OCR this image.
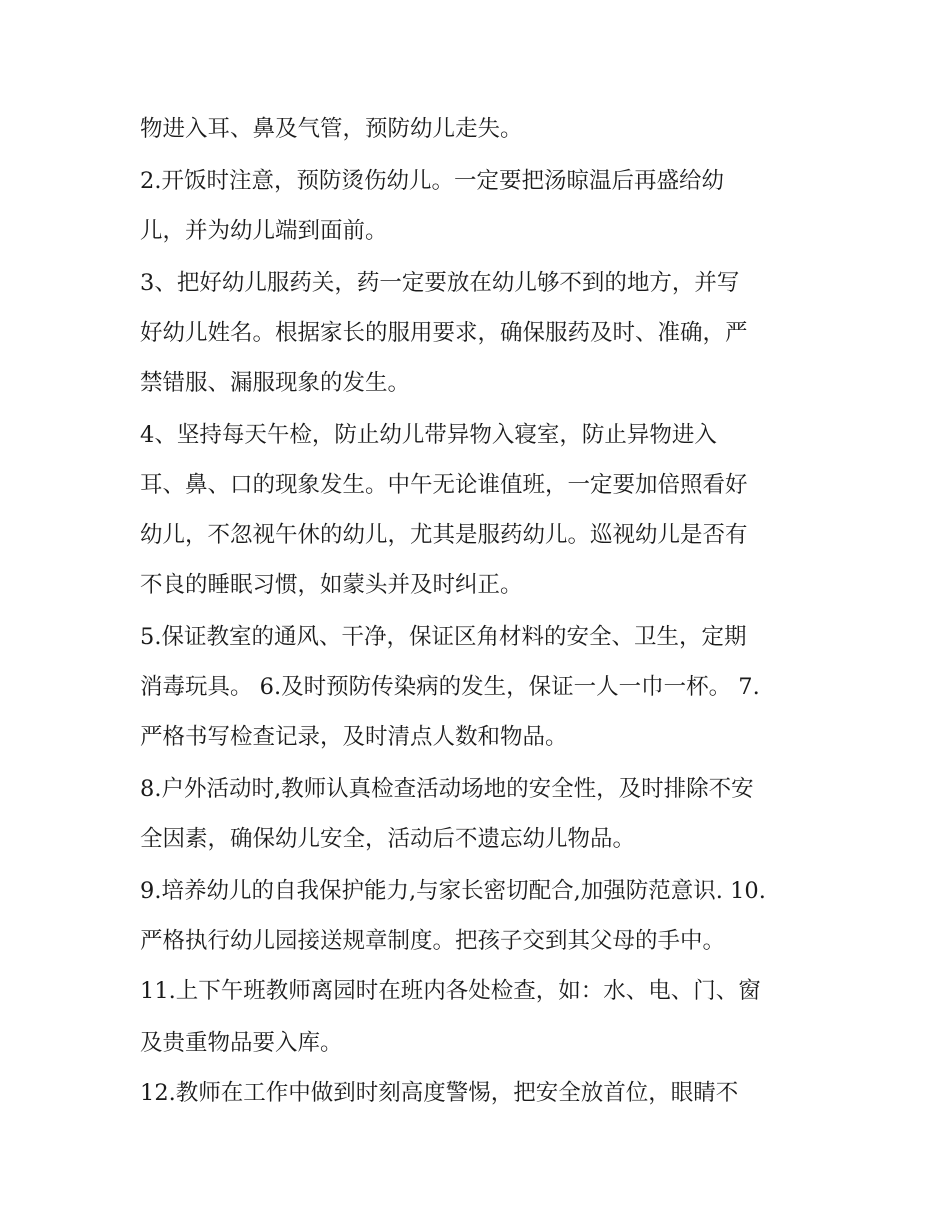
物进入耳、鼻及气管，预防幼儿走失。
2.开饭时注意，预防烫伤幼儿。一定要把汤晾温后再盛给幼
儿，并为幼儿端到面前。
3、把好幼儿服药关，药一定要放在幼儿够不到的地方，并写
好幼儿姓名。根据家长的服用要求，确保服药及时、准确，严
禁错服、漏服现象的发生。
4、坚持每天午检，防止幼儿带异物入寝室，防止异物进入
耳、鼻、口的现象发生。中午无论谁值班，一定要加倍照看好
幼儿，不忽视午休的幼儿，尤其是服药幼儿。巡视幼儿是否有
不良的睡眠习惯，如蒙头并及时纠正。
5.保证教室的通风、干净，保证区角材料的安全、卫生，定期
消毒玩具。 6.及时预防传染病的发生，保证一人一巾一杯。 7.
严格书写检查记录，及时清点人数和物品。
8.户外活动时,教师认真检查活动场地的安全性，及时排除不安
全因素，确保幼儿安全，活动后不遗忘幼儿物品。
9.培养幼儿的自我保护能力,与家长密切配合,加强防范意识. 10.
严格执行幼儿园接送规章制度。把孩子交到其父母的手中。
11.上下午班教师离园时在班内各处检查，如：水、电、门、窗
及贵重物品要入库。
12.教师在工作中做到时刻高度警惕，把安全放首位，眼睛不
